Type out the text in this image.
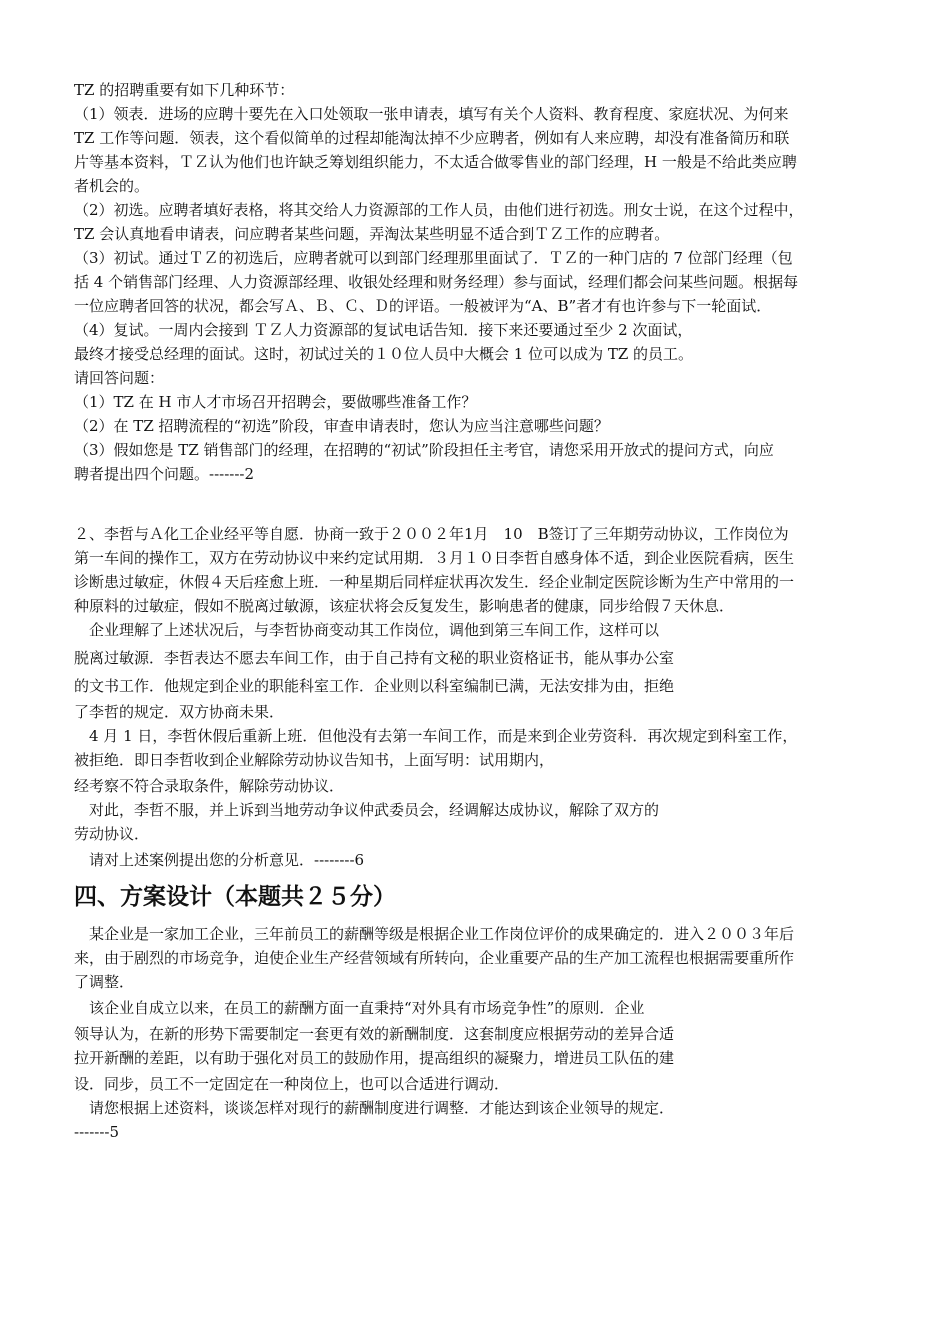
TZ 的招聘重要有如下几种环节：
（1）领表．进场的应聘十要先在入口处领取一张申请表，填写有关个人资料、教育程度、家庭状况、为何来
TZ 工作等问题．领表，这个看似简单的过程却能淘汰掉不少应聘者，例如有人来应聘，却没有准备简历和联
片等基本资料，ＴＺ认为他们也许缺乏筹划组织能力，不太适合做零售业的部门经理，H 一般是不给此类应聘
者机会的。
（2）初选。应聘者填好表格，将其交给人力资源部的工作人员，由他们进行初选。刑女士说，在这个过程中，
TZ 会认真地看申请表，问应聘者某些问题，弄淘汰某些明显不适合到ＴＺ工作的应聘者。
（3）初试。通过ＴＺ的初选后，应聘者就可以到部门经理那里面试了．ＴＺ的一种门店的 7 位部门经理（包
括 4 个销售部门经理、人力资源部经理、收银处经理和财务经理）参与面试，经理们都会问某些问题。根据每
一位应聘者回答的状况，都会写Ａ、Ｂ、Ｃ、Ｄ的评语。一般被评为“A、B”者才有也许参与下一轮面试．
（4）复试。一周内会接到 ＴＺ人力资源部的复试电话告知．接下来还要通过至少 2 次面试，
最终才接受总经理的面试。这时，初试过关的１０位人员中大概会 1 位可以成为 TZ 的员工。
请回答问题：
（1）TZ 在 H 市人才市场召开招聘会，要做哪些准备工作？
（2）在 TZ 招聘流程的“初选”阶段，审查申请表时，您认为应当注意哪些问题？
（3）假如您是 TZ 销售部门的经理，在招聘的“初试”阶段担任主考官，请您采用开放式的提问方式，向应
聘者提出四个问题。-------2
２、李哲与Ａ化工企业经平等自愿．协商一致于２００２年1月　10　B签订了三年期劳动协议，工作岗位为
第一车间的操作工，双方在劳动协议中来约定试用期．３月１０日李哲自感身体不适，到企业医院看病，医生
诊断患过敏症，休假４天后痊愈上班．一种星期后同样症状再次发生．经企业制定医院诊断为生产中常用的一
种原料的过敏症，假如不脱离过敏源，该症状将会反复发生，影响患者的健康，同步给假７天休息．
　企业理解了上述状况后，与李哲协商变动其工作岗位，调他到第三车间工作，这样可以
脱离过敏源．李哲表达不愿去车间工作，由于自己持有文秘的职业资格证书，能从事办公室
的文书工作．他规定到企业的职能科室工作．企业则以科室编制已满，无法安排为由，拒绝
了李哲的规定．双方协商未果．
　4 月 1 日，李哲休假后重新上班．但他没有去第一车间工作，而是来到企业劳资科．再次规定到科室工作，
被拒绝．即日李哲收到企业解除劳动协议告知书，上面写明：试用期内，
经考察不符合录取条件，解除劳动协议．
　对此，李哲不服，并上诉到当地劳动争议仲武委员会，经调解达成协议，解除了双方的
劳动协议．
　请对上述案例提出您的分析意见．--------6
四、方案设计（本题共２５分）
　某企业是一家加工企业，三年前员工的薪酬等级是根据企业工作岗位评价的成果确定的．进入２００３年后
来，由于剧烈的市场竞争，迫使企业生产经营领域有所转向，企业重要产品的生产加工流程也根据需要重所作
了调整．
　该企业自成立以来，在员工的薪酬方面一直秉持“对外具有市场竞争性”的原则．企业
领导认为，在新的形势下需要制定一套更有效的新酬制度．这套制度应根据劳动的差异合适
拉开新酬的差距，以有助于强化对员工的鼓励作用，提高组织的凝聚力，增进员工队伍的建
设．同步，员工不一定固定在一种岗位上，也可以合适进行调动．
　请您根据上述资料，谈谈怎样对现行的薪酬制度进行调整．才能达到该企业领导的规定．
-------5
